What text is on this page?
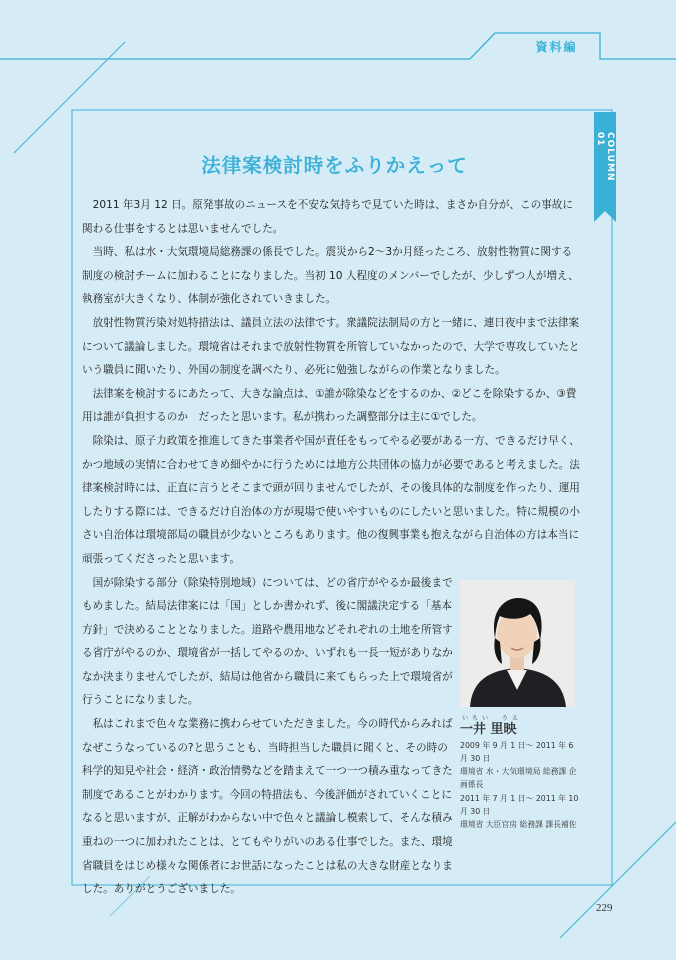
資料編
COLUMN 01
法律案検討時をふりかえって

2011 年3月 12 日。原発事故のニュースを不安な気持ちで見ていた時は、まさか自分が、この事故に関わる仕事をするとは思いませんでした。

当時、私は水・大気環境局総務課の係長でした。震災から2～3か月経ったころ、放射性物質に関する制度の検討チームに加わることになりました。当初 10 人程度のメンバーでしたが、少しずつ人が増え、執務室が大きくなり、体制が強化されていきました。

放射性物質汚染対処特措法は、議員立法の法律です。衆議院法制局の方と一緒に、連日夜中まで法律案について議論しました。環境省はそれまで放射性物質を所管していなかったので、大学で専攻していたという職員に聞いたり、外国の制度を調べたり、必死に勉強しながらの作業となりました。

法律案を検討するにあたって、大きな論点は、①誰が除染などをするのか、②どこを除染するか、③費用は誰が負担するのか　だったと思います。私が携わった調整部分は主に①でした。

除染は、原子力政策を推進してきた事業者や国が責任をもってやる必要がある一方、できるだけ早く、かつ地域の実情に合わせてきめ細やかに行うためには地方公共団体の協力が必要であると考えました。法律案検討時には、正直に言うとそこまで頭が回りませんでしたが、その後具体的な制度を作ったり、運用したりする際には、できるだけ自治体の方が現場で使いやすいものにしたいと思いました。特に規模の小さい自治体は環境部局の職員が少ないところもあります。他の復興事業も抱えながら自治体の方は本当に頑張ってくださったと思います。

国が除染する部分（除染特別地域）については、どの省庁がやるか最後までもめました。結局法律案には「国」としか書かれず、後に閣議決定する「基本方針」で決めることとなりました。道路や農用地などそれぞれの土地を所管する省庁がやるのか、環境省が一括してやるのか、いずれも一長一短がありなかなか決まりませんでしたが、結局は他省から職員に来てもらった上で環境省が行うことになりました。

私はこれまで色々な業務に携わらせていただきました。今の時代からみればなぜこうなっているの?と思うことも、当時担当した職員に聞くと、その時の科学的知見や社会・経済・政治情勢などを踏まえて一つ一つ積み重なってきた制度であることがわかります。今回の特措法も、今後評価がされていくことになると思いますが、正解がわからない中で色々と議論し模索して、そんな積み重ねの一つに加われたことは、とてもやりがいのある仕事でした。また、環境省職員をはじめ様々な関係者にお世話になったことは私の大きな財産となりました。ありがとうございました。

いちい　りえ
一井 里映
2009 年 9 月 1 日～ 2011 年 6 月 30 日
環境省 水・大気環境局 総務課 企画係長
2011 年 7 月 1 日～ 2011 年 10 月 30 日
環境省 大臣官房 総務課 課長補佐
229
